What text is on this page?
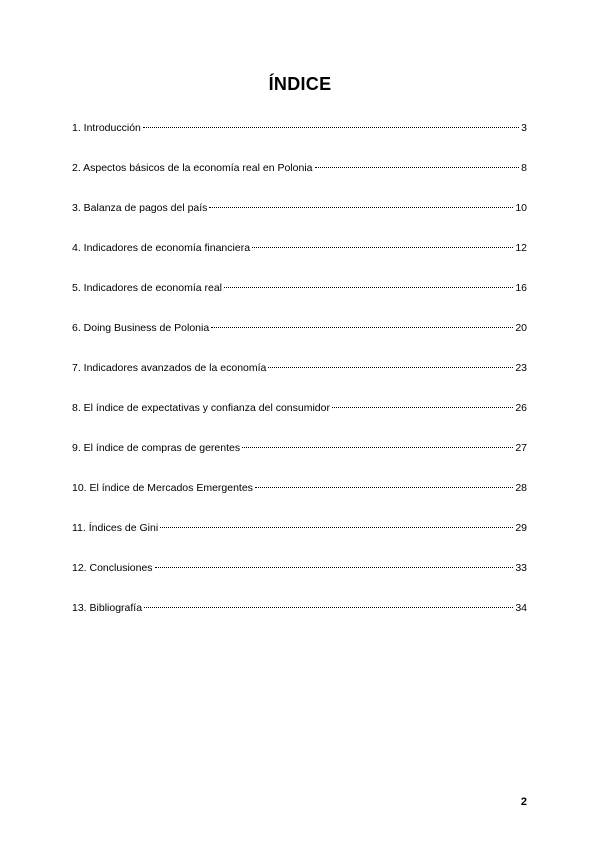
ÍNDICE
1. Introducción	3
2. Aspectos básicos de la economía real en Polonia	8
3. Balanza de pagos del país	10
4. Indicadores de economía financiera	12
5. Indicadores de economía real	16
6. Doing Business de Polonia	20
7. Indicadores avanzados de la economía	23
8. El índice de expectativas y confianza del consumidor	26
9. El índice de compras de gerentes	27
10. El índice de Mercados Emergentes	28
11. Índices de Gini	29
12. Conclusiones	33
13. Bibliografía	34
2
